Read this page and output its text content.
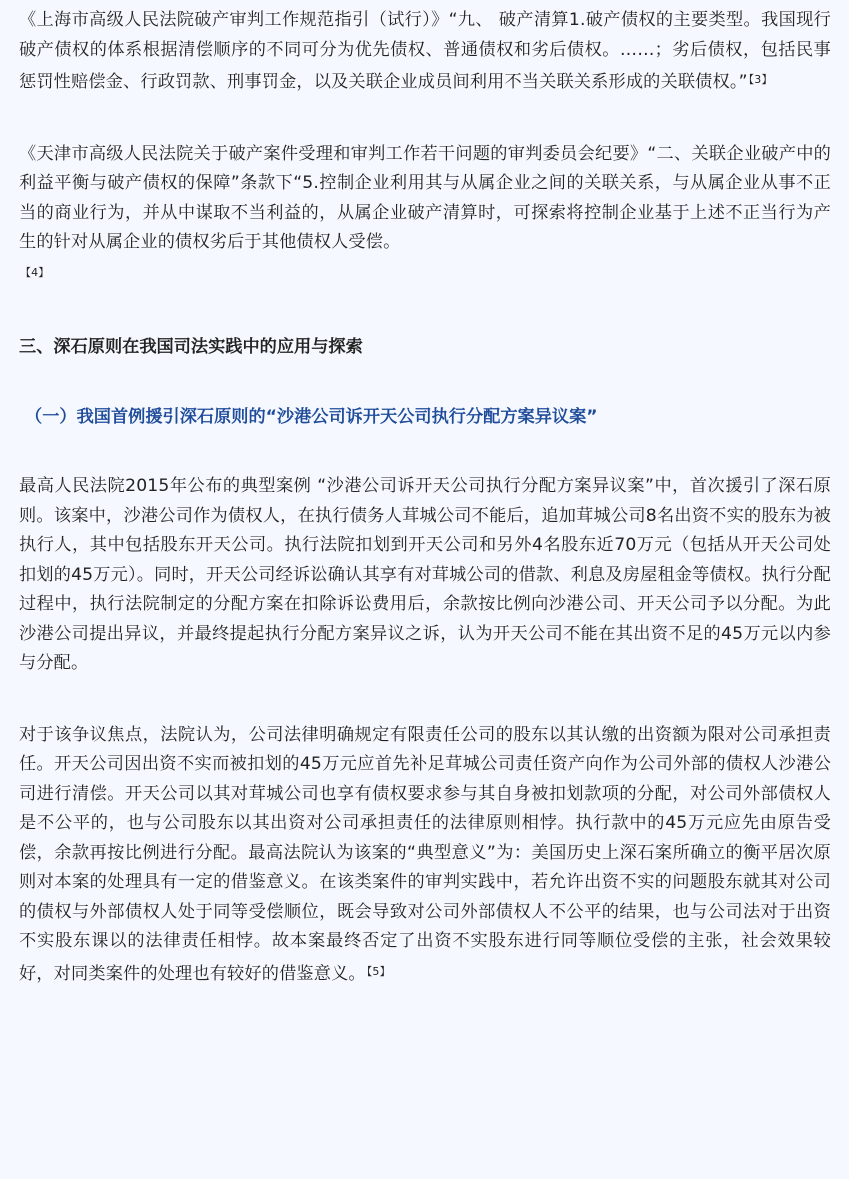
《上海市高级人民法院破产审判工作规范指引（试行）》“九、 破产清算1.破产债权的主要类型。我国现行破产债权的体系根据清偿顺序的不同可分为优先债权、普通债权和劣后债权。……；劣后债权，包括民事惩罚性赔偿金、行政罚款、刑事罚金，以及关联企业成员间利用不当关联关系形成的关联债权。”$^{【3】}$

《天津市高级人民法院关于破产案件受理和审判工作若干问题的审判委员会纪要》“二、关联企业破产中的利益平衡与破产债权的保障”条款下“5.控制企业利用其与从属企业之间的关联关系，与从属企业从事不正当的商业行为，并从中谋取不当利益的，从属企业破产清算时，可探索将控制企业基于上述不正当行为产生的针对从属企业的债权劣后于其他债权人受偿。
$^{【4】}$

三、深石原则在我国司法实践中的应用与探索
（一）我国首例援引深石原则的“沙港公司诉开天公司执行分配方案异议案”

最高人民法院2015年公布的典型案例 “沙港公司诉开天公司执行分配方案异议案”中，首次援引了深石原则。该案中，沙港公司作为债权人，在执行债务人茸城公司不能后，追加茸城公司8名出资不实的股东为被执行人，其中包括股东开天公司。执行法院扣划到开天公司和另外4名股东近70万元（包括从开天公司处扣划的45万元）。同时，开天公司经诉讼确认其享有对茸城公司的借款、利息及房屋租金等债权。执行分配过程中，执行法院制定的分配方案在扣除诉讼费用后，余款按比例向沙港公司、开天公司予以分配。为此沙港公司提出异议，并最终提起执行分配方案异议之诉，认为开天公司不能在其出资不足的45万元以内参与分配。

对于该争议焦点，法院认为，公司法律明确规定有限责任公司的股东以其认缴的出资额为限对公司承担责任。开天公司因出资不实而被扣划的45万元应首先补足茸城公司责任资产向作为公司外部的债权人沙港公司进行清偿。开天公司以其对茸城公司也享有债权要求参与其自身被扣划款项的分配，对公司外部债权人是不公平的，也与公司股东以其出资对公司承担责任的法律原则相悖。执行款中的45万元应先由原告受偿，余款再按比例进行分配。最高法院认为该案的“典型意义”为：美国历史上深石案所确立的衡平居次原则对本案的处理具有一定的借鉴意义。在该类案件的审判实践中，若允许出资不实的问题股东就其对公司的债权与外部债权人处于同等受偿顺位，既会导致对公司外部债权人不公平的结果，也与公司法对于出资不实股东课以的法律责任相悖。故本案最终否定了出资不实股东进行同等顺位受偿的主张，社会效果较好，对同类案件的处理也有较好的借鉴意义。$^{【5】}$
